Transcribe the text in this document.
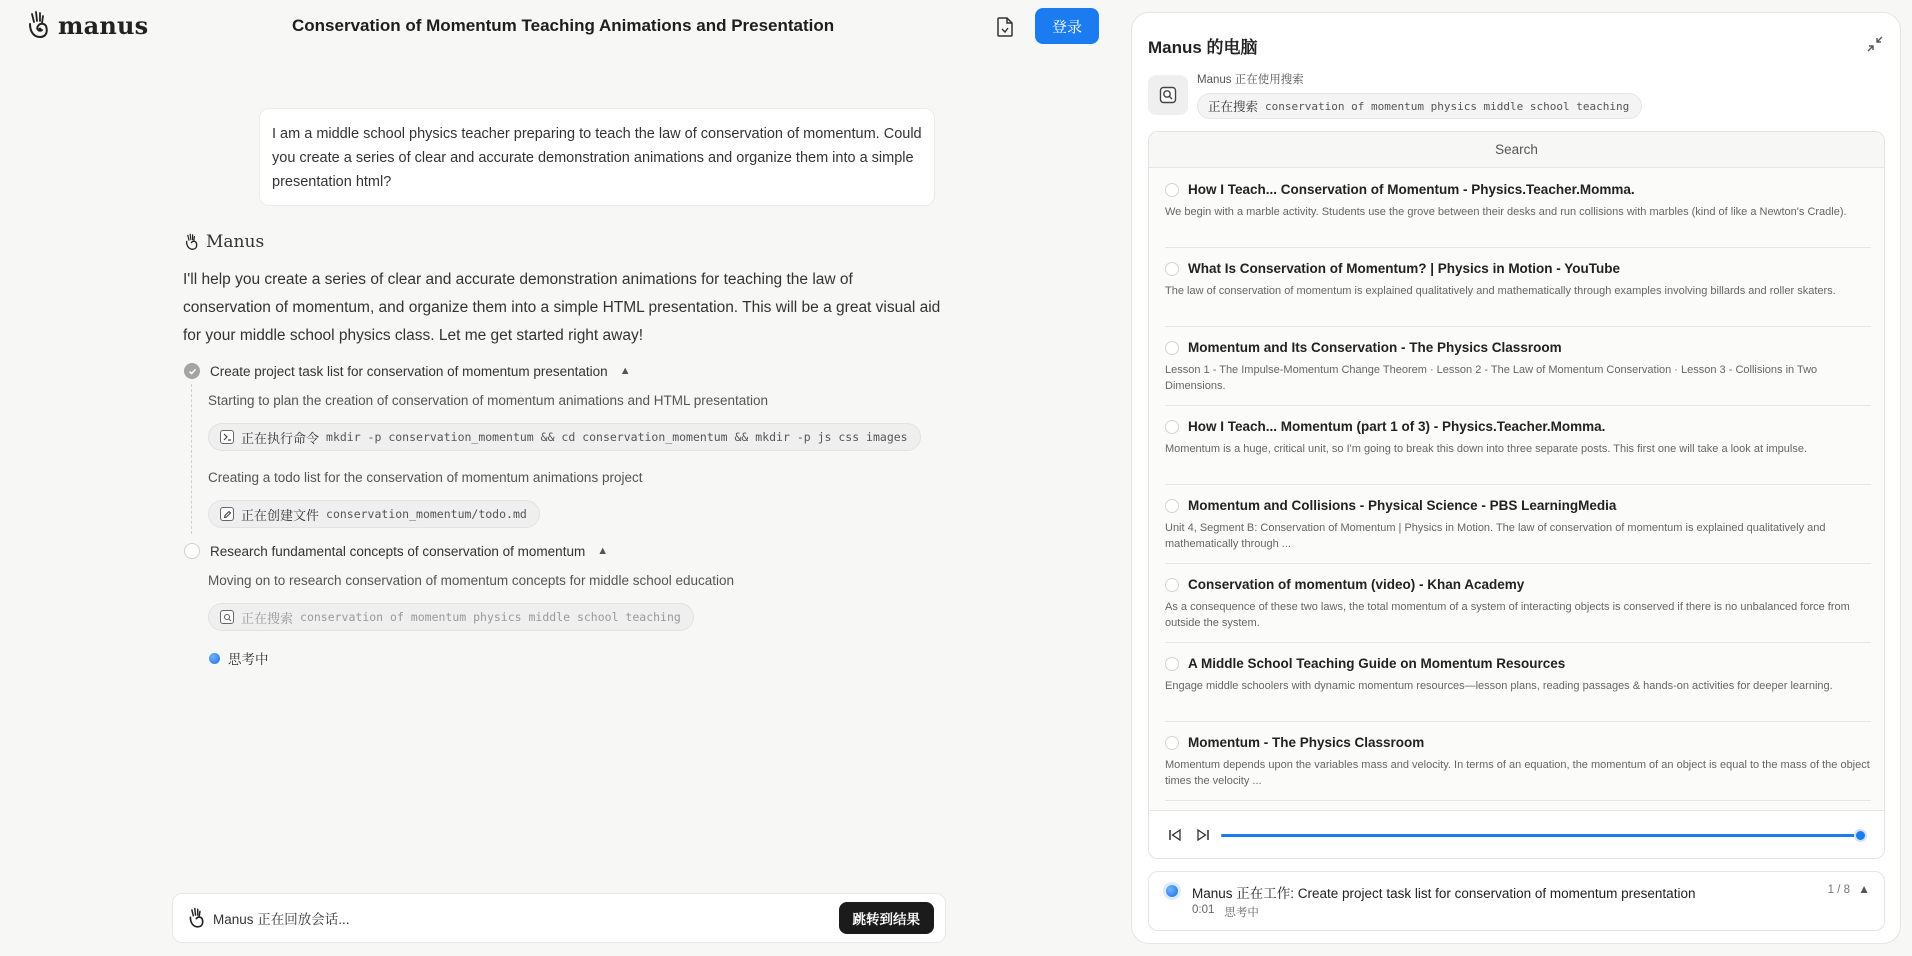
manus	Conservation of Momentum Teaching Animations and Presentation	登录
I am a middle school physics teacher preparing to teach the law of conservation of momentum. Could you create a series of clear and accurate demonstration animations and organize them into a simple presentation html?
Manus
I'll help you create a series of clear and accurate demonstration animations for teaching the law of conservation of momentum, and organize them into a simple HTML presentation. This will be a great visual aid for your middle school physics class. Let me get started right away!
Create project task list for conservation of momentum presentation ▲
Starting to plan the creation of conservation of momentum animations and HTML presentation
正在执行命令 mkdir -p conservation_momentum && cd conservation_momentum && mkdir -p js css images
Creating a todo list for the conservation of momentum animations project
正在创建文件 conservation_momentum/todo.md
Research fundamental concepts of conservation of momentum ▲
Moving on to research conservation of momentum concepts for middle school education
正在搜索 conservation of momentum physics middle school teaching
思考中
Manus 正在回放会话...	跳转到结果
Manus 的电脑
Manus 正在使用搜索
正在搜索 conservation of momentum physics middle school teaching
Search
How I Teach... Conservation of Momentum - Physics.Teacher.Momma.
We begin with a marble activity. Students use the grove between their desks and run collisions with marbles (kind of like a Newton's Cradle).
What Is Conservation of Momentum? | Physics in Motion - YouTube
The law of conservation of momentum is explained qualitatively and mathematically through examples involving billards and roller skaters.
Momentum and Its Conservation - The Physics Classroom
Lesson 1 - The Impulse-Momentum Change Theorem · Lesson 2 - The Law of Momentum Conservation · Lesson 3 - Collisions in Two Dimensions.
How I Teach... Momentum (part 1 of 3) - Physics.Teacher.Momma.
Momentum is a huge, critical unit, so I'm going to break this down into three separate posts. This first one will take a look at impulse.
Momentum and Collisions - Physical Science - PBS LearningMedia
Unit 4, Segment B: Conservation of Momentum | Physics in Motion. The law of conservation of momentum is explained qualitatively and mathematically through ...
Conservation of momentum (video) - Khan Academy
As a consequence of these two laws, the total momentum of a system of interacting objects is conserved if there is no unbalanced force from outside the system.
A Middle School Teaching Guide on Momentum Resources
Engage middle schoolers with dynamic momentum resources—lesson plans, reading passages & hands-on activities for deeper learning.
Momentum - The Physics Classroom
Momentum depends upon the variables mass and velocity. In terms of an equation, the momentum of an object is equal to the mass of the object times the velocity ...
Manus 正在工作: Create project task list for conservation of momentum presentation
0:01 思考中
1 / 8 ▲
